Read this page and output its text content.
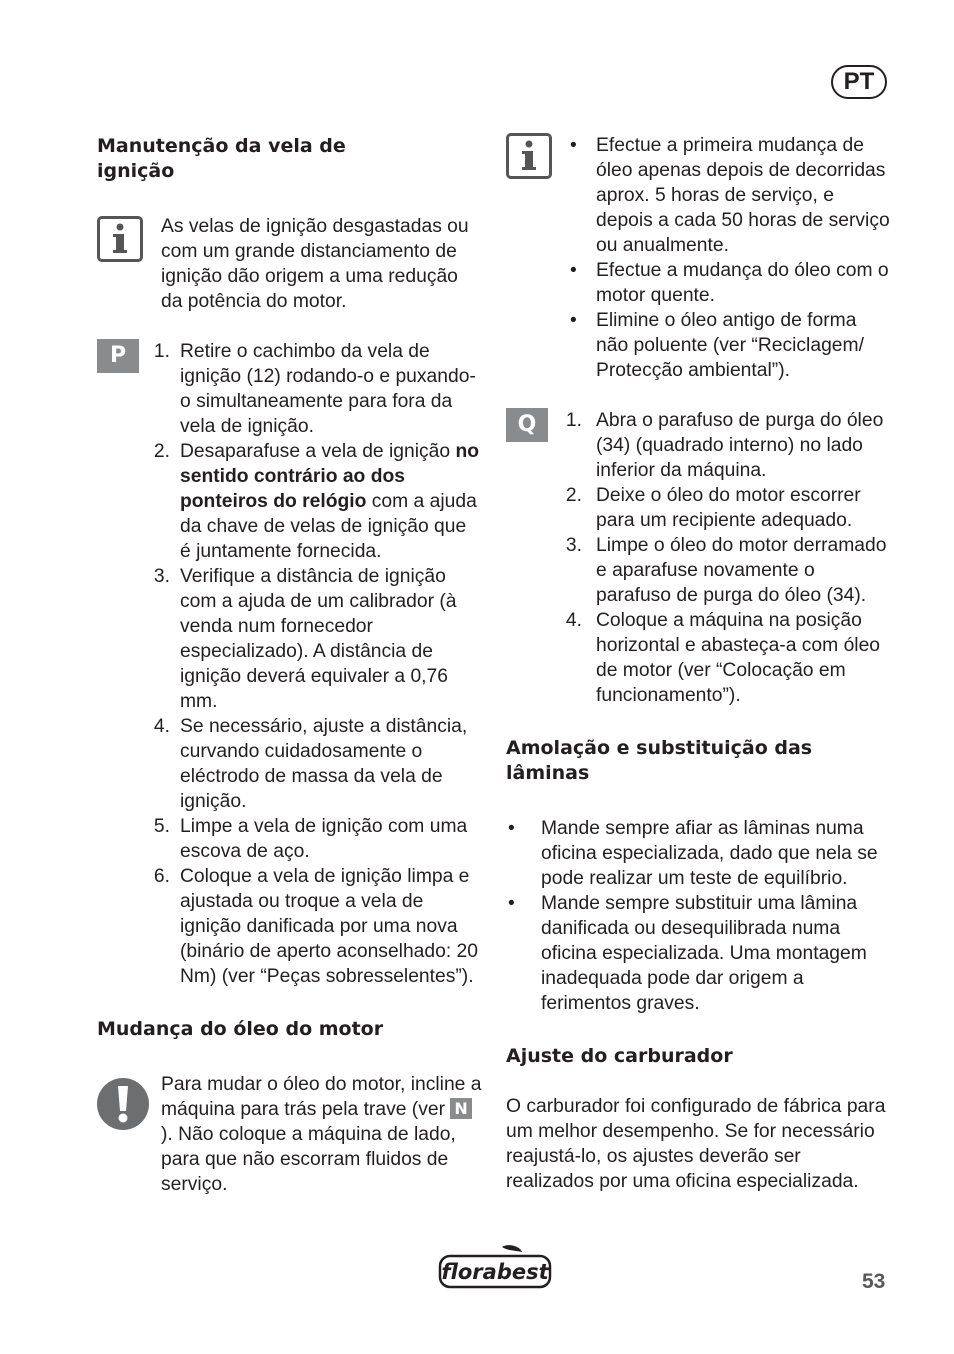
PT
Manutenção da vela de ignição

As velas de ignição desgastadas ou com um grande distanciamento de ignição dão origem a uma redução da potência do motor.

P	1. Retire o cachimbo da vela de ignição (12) rodando-o e puxando-o simultaneamente para fora da vela de ignição.
2. Desaparafuse a vela de ignição no sentido contrário ao dos ponteiros do relógio com a ajuda da chave de velas de ignição que é juntamente fornecida.
3. Verifique a distância de ignição com a ajuda de um calibrador (à venda num fornecedor especializado). A distância de ignição deverá equivaler a 0,76 mm.
4. Se necessário, ajuste a distância, curvando cuidadosamente o eléctrodo de massa da vela de ignição.
5. Limpe a vela de ignição com uma escova de aço.
6. Coloque a vela de ignição limpa e ajustada ou troque a vela de ignição danificada por uma nova (binário de aperto aconselhado: 20 Nm) (ver “Peças sobresselentes”).
Mudança do óleo do motor

Para mudar o óleo do motor, incline a máquina para trás pela trave (ver N). Não coloque a máquina de lado, para que não escorram fluidos de serviço.

• Efectue a primeira mudança de óleo apenas depois de decorridas aprox. 5 horas de serviço, e depois a cada 50 horas de serviço ou anualmente.
• Efectue a mudança do óleo com o motor quente.
• Elimine o óleo antigo de forma não poluente (ver “Reciclagem/ Protecção ambiental”).
Q	1. Abra o parafuso de purga do óleo (34) (quadrado interno) no lado inferior da máquina.
2. Deixe o óleo do motor escorrer para um recipiente adequado.
3. Limpe o óleo do motor derramado e aparafuse novamente o parafuso de purga do óleo (34).
4. Coloque a máquina na posição horizontal e abasteça-a com óleo de motor (ver “Colocação em funcionamento”).
Amolação e substituição das lâminas
• Mande sempre afiar as lâminas numa oficina especializada, dado que nela se pode realizar um teste de equilíbrio.
• Mande sempre substituir uma lâmina danificada ou desequilibrada numa oficina especializada. Uma montagem inadequada pode dar origem a ferimentos graves.
Ajuste do carburador

O carburador foi configurado de fábrica para um melhor desempenho. Se for necessário reajustá-lo, os ajustes deverão ser realizados por uma oficina especializada.

florabest	53
